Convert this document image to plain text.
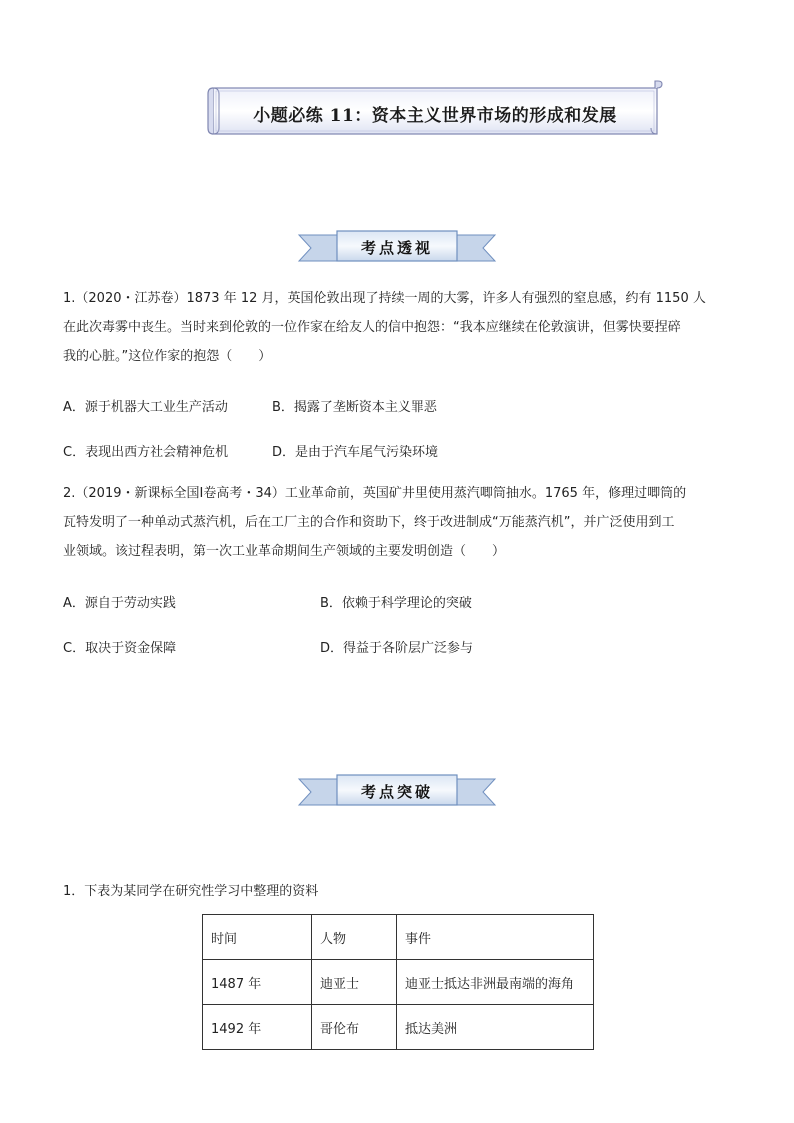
小题必练 11：资本主义世界市场的形成和发展
考点透视
1.（2020・江苏卷）1873 年 12 月，英国伦敦出现了持续一周的大雾，许多人有强烈的窒息感，约有 1150 人
在此次毒雾中丧生。当时来到伦敦的一位作家在给友人的信中抱怨：“我本应继续在伦敦演讲，但雾快要捏碎
我的心脏。”这位作家的抱怨（　　）
A．源于机器大工业生产活动	B．揭露了垄断资本主义罪恶
C．表现出西方社会精神危机	D．是由于汽车尾气污染环境
2.（2019・新课标全国Ⅰ卷高考・34）工业革命前，英国矿井里使用蒸汽唧筒抽水。1765 年，修理过唧筒的
瓦特发明了一种单动式蒸汽机，后在工厂主的合作和资助下，终于改进制成“万能蒸汽机”，并广泛使用到工
业领域。该过程表明，第一次工业革命期间生产领域的主要发明创造（　　）
A．源自于劳动实践	B．依赖于科学理论的突破
C．取决于资金保障	D．得益于各阶层广泛参与
考点突破
1．下表为某同学在研究性学习中整理的资料
时间	人物	事件
1487 年	迪亚士	迪亚士抵达非洲最南端的海角
1492 年	哥伦布	抵达美洲
